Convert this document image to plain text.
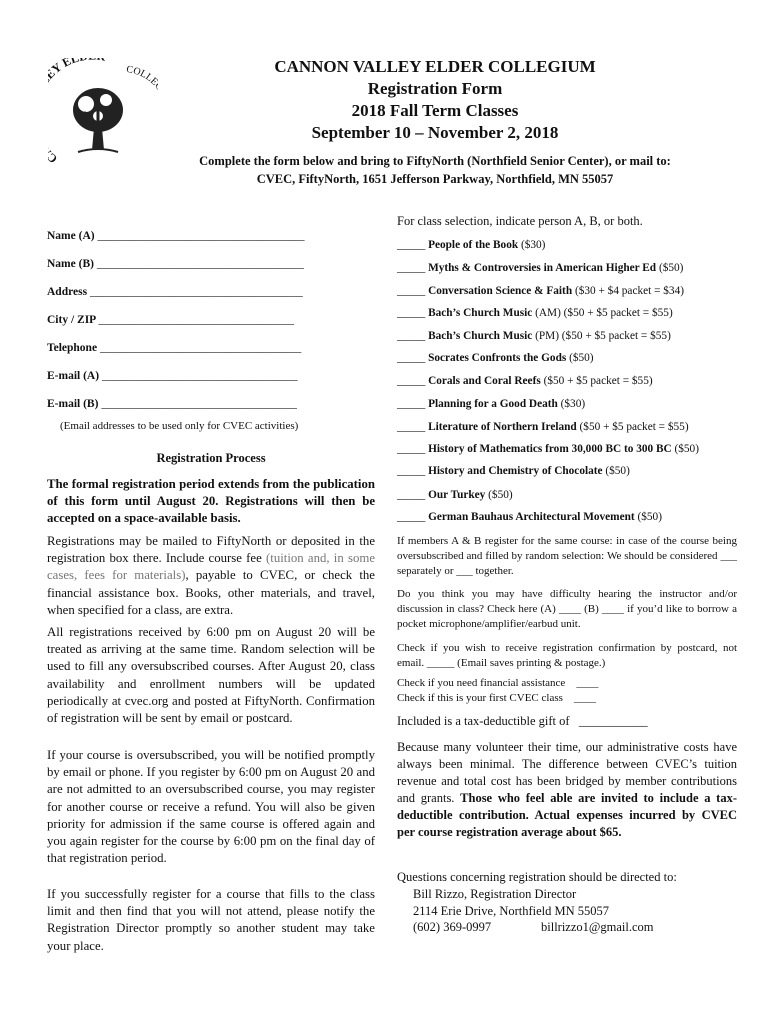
Y EL
COLL
CANNON VALLEY ELDER COLLEGIUM
Registration Form
2018 Fall Term Classes
September 10 – November 2, 2018
Complete the form below and bring to FiftyNorth (Northfield Senior Center), or mail to:
CVEC, FiftyNorth, 1651 Jefferson Parkway, Northfield, MN 55057
Name (A) ____________________________________
Name (B) ____________________________________
Address _____________________________________
City / ZIP __________________________________
Telephone ___________________________________
E-mail (A) __________________________________
E-mail (B) __________________________________
(Email addresses to be used only for CVEC activities)
Registration Process
The formal registration period extends from the publication of this form until August 20. Registrations will then be accepted on a space-available basis.
Registrations may be mailed to FiftyNorth or deposited in the registration box there. Include course fee (tuition and, in some cases, fees for materials), payable to CVEC, or check the financial assistance box. Books, other materials, and travel, when specified for a class, are extra.
All registrations received by 6:00 pm on August 20 will be treated as arriving at the same time. Random selection will be used to fill any oversubscribed courses. After August 20, class availability and enrollment numbers will be updated periodically at cvec.org and posted at FiftyNorth. Confirmation of registration will be sent by email or postcard.
If your course is oversubscribed, you will be notified promptly by email or phone. If you register by 6:00 pm on August 20 and are not admitted to an oversubscribed course, you may register for another course or receive a refund. You will also be given priority for admission if the same course is offered again and you again register for the course by 6:00 pm on the final day of that registration period.
If you successfully register for a course that fills to the class limit and then find that you will not attend, please notify the Registration Director promptly so another student may take your place.
For class selection, indicate person A, B, or both.
_____ People of the Book ($30)
_____ Myths & Controversies in American Higher Ed ($50)
_____ Conversation Science & Faith ($30 + $4 packet = $34)
_____ Bach’s Church Music (AM) ($50 + $5 packet = $55)
_____ Bach’s Church Music (PM) ($50 + $5 packet = $55)
_____ Socrates Confronts the Gods ($50)
_____ Corals and Coral Reefs ($50 + $5 packet = $55)
_____ Planning for a Good Death ($30)
_____ Literature of Northern Ireland ($50 + $5 packet = $55)
_____ History of Mathematics from 30,000 BC to 300 BC ($50)
_____ History and Chemistry of Chocolate ($50)
_____ Our Turkey ($50)
_____ German Bauhaus Architectural Movement ($50)
If members A & B register for the same course: in case of the course being oversubscribed and filled by random selection: We should be considered ___ separately or ___ together.
Do you think you may have difficulty hearing the instructor and/or discussion in class? Check here (A) ____ (B) ____ if you’d like to borrow a pocket microphone/amplifier/earbud unit.
Check if you wish to receive registration confirmation by postcard, not email. _____ (Email saves printing & postage.)
Check if you need financial assistance ____
Check if this is your first CVEC class ____
Included is a tax-deductible gift of ___________
Because many volunteer their time, our administrative costs have always been minimal. The difference between CVEC’s tuition revenue and total cost has been bridged by member contributions and grants. Those who feel able are invited to include a tax-deductible contribution. Actual expenses incurred by CVEC per course registration average about $65.
Questions concerning registration should be directed to:
Bill Rizzo, Registration Director
2114 Erie Drive, Northfield MN 55057
(602) 369-0997	billrizzo1@gmail.com
